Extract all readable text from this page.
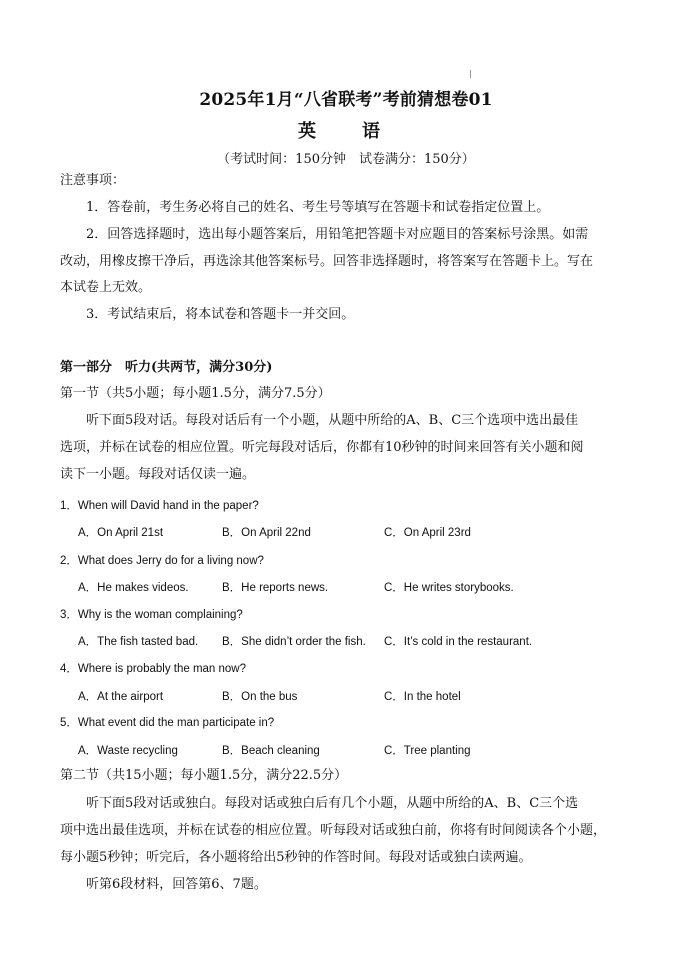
2025年1月“八省联考”考前猜想卷01
英　语
（考试时间：150分钟　试卷满分：150分）
注意事项：
1．答卷前，考生务必将自己的姓名、考生号等填写在答题卡和试卷指定位置上。
2．回答选择题时，选出每小题答案后，用铅笔把答题卡对应题目的答案标号涂黑。如需
改动，用橡皮擦干净后，再选涂其他答案标号。回答非选择题时，将答案写在答题卡上。写在
本试卷上无效。
3．考试结束后，将本试卷和答题卡一并交回。
第一部分　听力(共两节，满分30分)
第一节（共5小题；每小题1.5分，满分7.5分）
听下面5段对话。每段对话后有一个小题，从题中所给的A、B、C三个选项中选出最佳
选项，并标在试卷的相应位置。听完每段对话后，你都有10秒钟的时间来回答有关小题和阅
读下一小题。每段对话仅读一遍。
1．When will David hand in the paper?
A．On April 21st	B．On April 22nd	C．On April 23rd
2．What does Jerry do for a living now?
A．He makes videos.	B．He reports news.	C．He writes storybooks.
3．Why is the woman complaining?
A．The fish tasted bad. B．She didn’t order the fish. C．It’s cold in the restaurant.
4．Where is probably the man now?
A．At the airport	B．On the bus	C．In the hotel
5．What event did the man participate in?
A．Waste recycling	B．Beach cleaning	C．Tree planting
第二节（共15小题；每小题1.5分，满分22.5分）
听下面5段对话或独白。每段对话或独白后有几个小题，从题中所给的A、B、C三个选
项中选出最佳选项，并标在试卷的相应位置。听每段对话或独白前，你将有时间阅读各个小题，
每小题5秒钟；听完后，各小题将给出5秒钟的作答时间。每段对话或独白读两遍。
听第6段材料，回答第6、7题。
